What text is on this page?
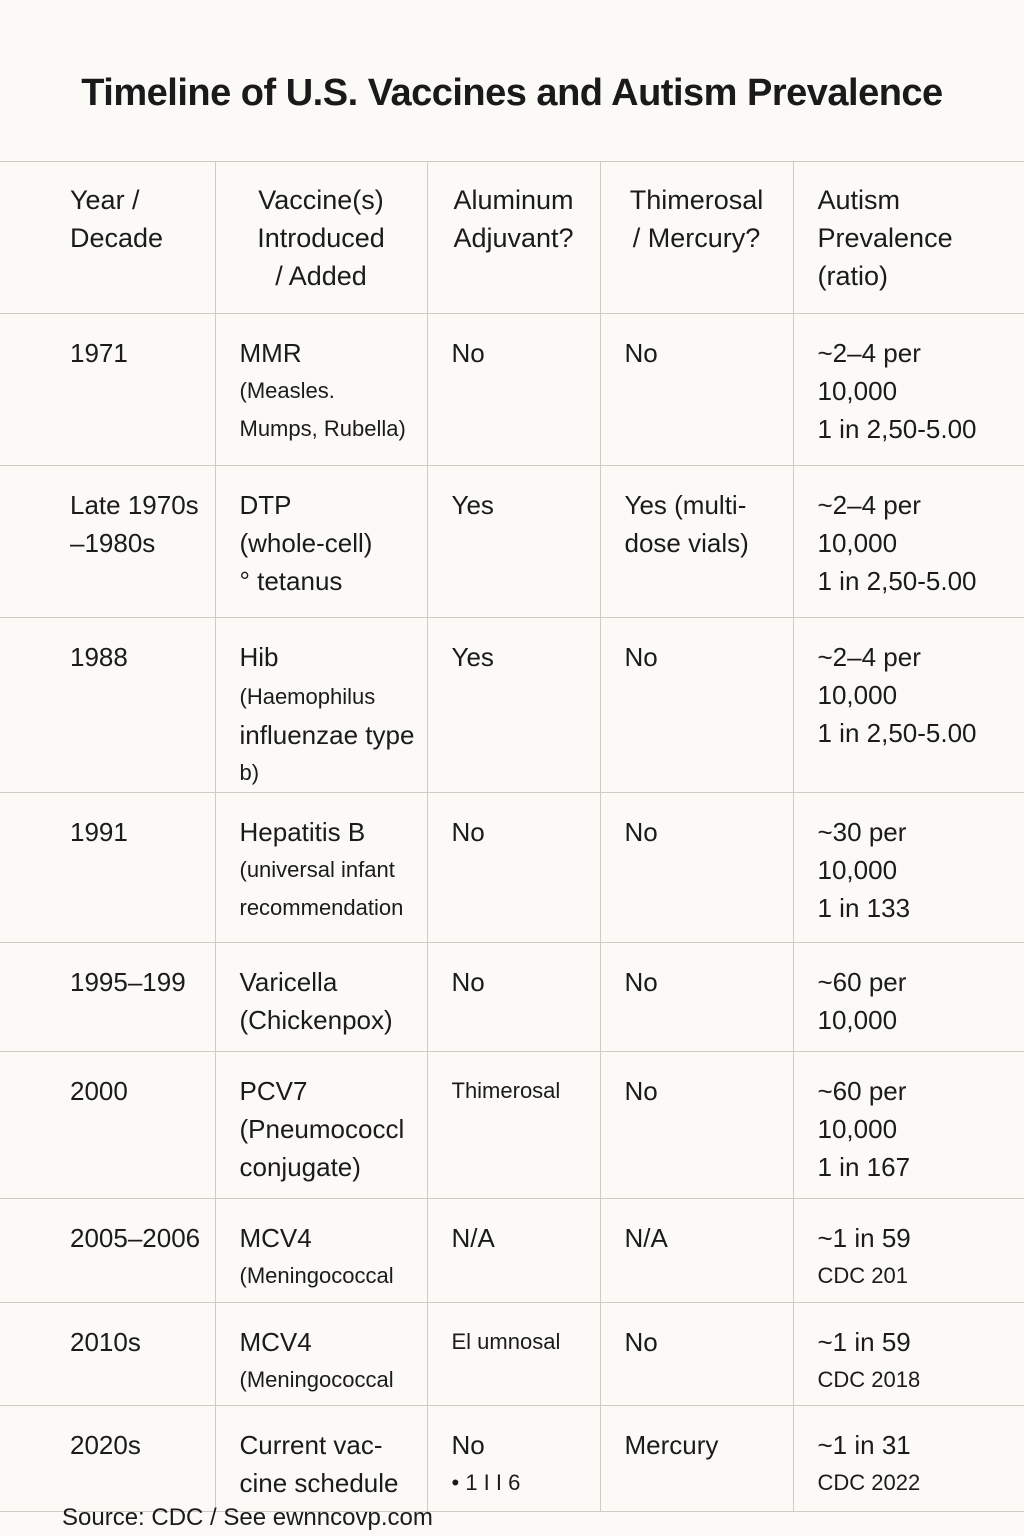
Timeline of U.S. Vaccines and Autism Prevalence
Year /
Decade	Vaccine(s)
Introduced
/ Added	Aluminum
Adjuvant?	Thimerosal
/ Mercury?	Autism
Prevalence
(ratio)

1971	MMR
(Measles.
Mumps, Rubella)	No	No	~2–4 per
10,000
1 in 2,50-5.00

Late 1970s
–1980s	DTP
(whole-cell)
° tetanus	Yes	Yes (multi-
dose vials)	~2–4 per
10,000
1 in 2,50-5.00

1988	Hib (Haemophilus
influenzae type
b)	Yes	No	~2–4 per
10,000
1 in 2,50-5.00

1991	Hepatitis B
(universal infant
recommendation	No	No	~30 per
10,000
1 in 133

1995–199	Varicella
(Chickenpox)	No	No	~60 per
10,000

2000	PCV7
(Pneumococcl
conjugate)	Thimerosal	No	~60 per
10,000
1 in 167

2005–2006	MCV4
(Meningococcal	N/A	N/A	~1 in 59
CDC 201

2010s	MCV4
(Meningococcal	El umnosal	No	~1 in 59
CDC 2018

2020s	Current vac-
cine schedule	No
• 1 I I 6	Mercury	~1 in 31
CDC 2022
Source: CDC / See ewnncovp.com
